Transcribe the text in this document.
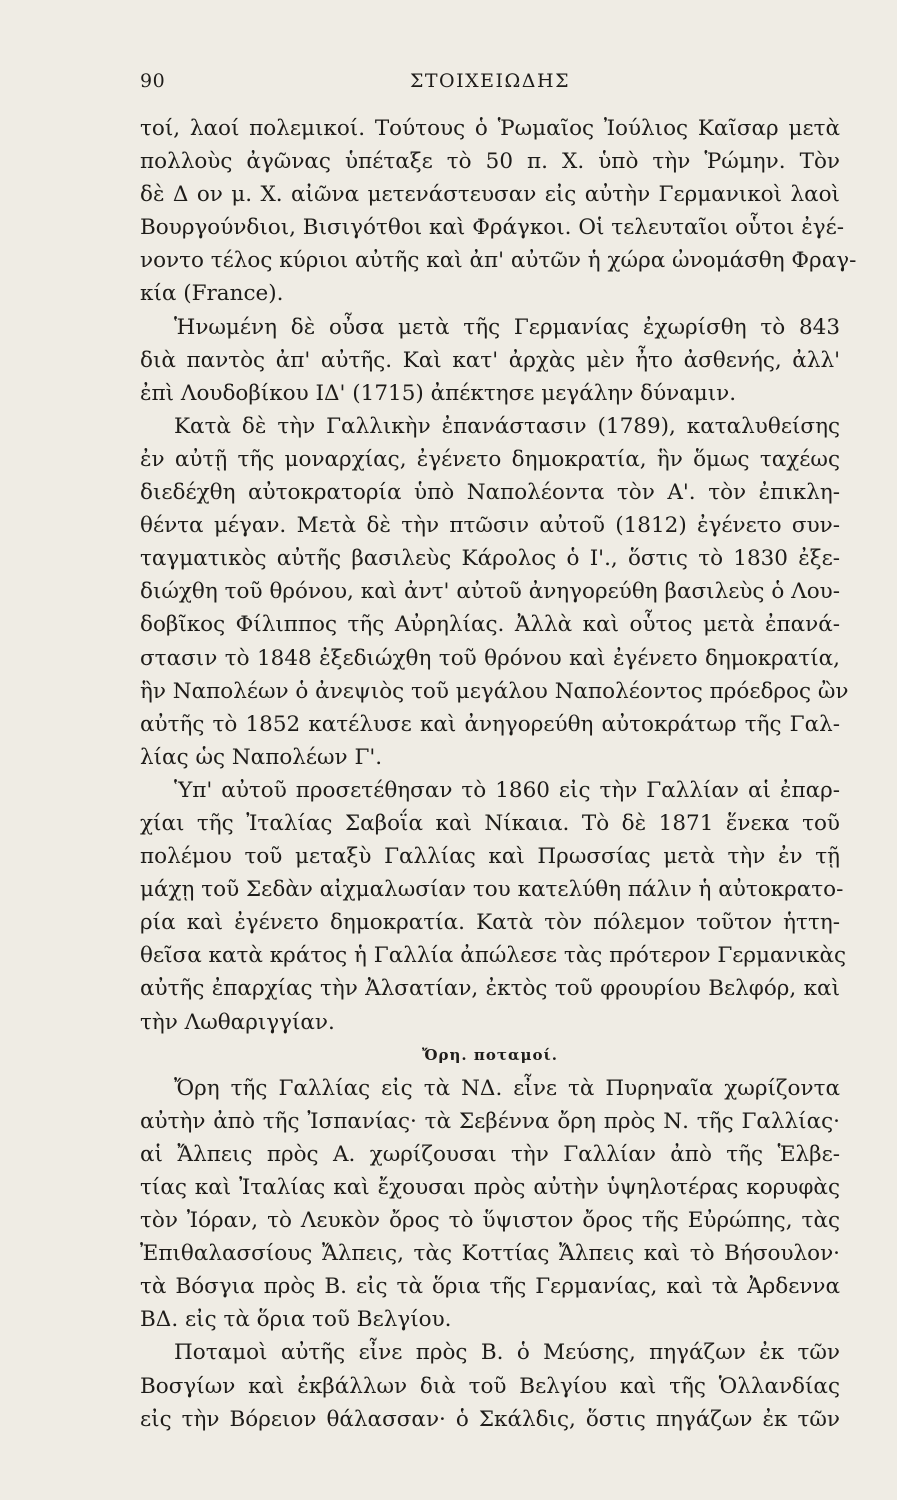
90	ΣΤΟΙΧΕΙΩΔΗΣ
τοί, λαοί πολεμικοί. Τούτους ὁ Ῥωμαῖος Ἰούλιος Καῖσαρ μετὰ
πολλοὺς ἀγῶνας ὑπέταξε τὸ 50 π. Χ. ὑπὸ τὴν Ῥώμην. Τὸν
δὲ Δ ον μ. Χ. αἰῶνα μετενάστευσαν εἰς αὐτὴν Γερμανικοὶ λαοὶ
Βουργούνδιοι, Βισιγότθοι καὶ Φράγκοι. Οἱ τελευταῖοι οὗτοι ἐγέ-
νοντο τέλος κύριοι αὐτῆς καὶ ἀπ' αὐτῶν ἡ χώρα ὠνομάσθη Φραγ-
κία (France).
Ἡνωμένη δὲ οὖσα μετὰ τῆς Γερμανίας ἐχωρίσθη τὸ 843
διὰ παντὸς ἀπ' αὐτῆς. Καὶ κατ' ἀρχὰς μὲν ἦτο ἀσθενής, ἀλλ'
ἐπὶ Λουδοβίκου ΙΔ' (1715) ἀπέκτησε μεγάλην δύναμιν.
Κατὰ δὲ τὴν Γαλλικὴν ἐπανάστασιν (1789), καταλυθείσης
ἐν αὐτῇ τῆς μοναρχίας, ἐγένετο δημοκρατία, ἣν ὅμως ταχέως
διεδέχθη αὐτοκρατορία ὑπὸ Ναπολέοντα τὸν Α'. τὸν ἐπικλη-
θέντα μέγαν. Μετὰ δὲ τὴν πτῶσιν αὐτοῦ (1812) ἐγένετο συν-
ταγματικὸς αὐτῆς βασιλεὺς Κάρολος ὁ Ι'., ὅστις τὸ 1830 ἐξε-
διώχθη τοῦ θρόνου, καὶ ἀντ' αὐτοῦ ἀνηγορεύθη βασιλεὺς ὁ Λου-
δοβῖκος Φίλιππος τῆς Αὐρηλίας. Ἀλλὰ καὶ οὗτος μετὰ ἐπανά-
στασιν τὸ 1848 ἐξεδιώχθη τοῦ θρόνου καὶ ἐγένετο δημοκρατία,
ἣν Ναπολέων ὁ ἀνεψιὸς τοῦ μεγάλου Ναπολέοντος πρόεδρος ὢν
αὐτῆς τὸ 1852 κατέλυσε καὶ ἀνηγορεύθη αὐτοκράτωρ τῆς Γαλ-
λίας ὡς Ναπολέων Γ'.
Ὑπ' αὐτοῦ προσετέθησαν τὸ 1860 εἰς τὴν Γαλλίαν αἱ ἐπαρ-
χίαι τῆς Ἰταλίας Σαβοΐα καὶ Νίκαια. Τὸ δὲ 1871 ἕνεκα τοῦ
πολέμου τοῦ μεταξὺ Γαλλίας καὶ Πρωσσίας μετὰ τὴν ἐν τῇ
μάχῃ τοῦ Σεδὰν αἰχμαλωσίαν του κατελύθη πάλιν ἡ αὐτοκρατο-
ρία καὶ ἐγένετο δημοκρατία. Κατὰ τὸν πόλεμον τοῦτον ἡττη-
θεῖσα κατὰ κράτος ἡ Γαλλία ἀπώλεσε τὰς πρότερον Γερμανικὰς
αὐτῆς ἐπαρχίας τὴν Ἀλσατίαν, ἐκτὸς τοῦ φρουρίου Βελφόρ, καὶ
τὴν Λωθαριγγίαν.
Ὄρη. ποταμοί.
Ὄρη τῆς Γαλλίας εἰς τὰ ΝΔ. εἶνε τὰ Πυρηναῖα χωρίζοντα
αὐτὴν ἀπὸ τῆς Ἰσπανίας· τὰ Σεβέννα ὄρη πρὸς Ν. τῆς Γαλλίας·
αἱ Ἄλπεις πρὸς Α. χωρίζουσαι τὴν Γαλλίαν ἀπὸ τῆς Ἑλβε-
τίας καὶ Ἰταλίας καὶ ἔχουσαι πρὸς αὐτὴν ὑψηλοτέρας κορυφὰς
τὸν Ἰόραν, τὸ Λευκὸν ὄρος τὸ ὕψιστον ὄρος τῆς Εὐρώπης, τὰς
Ἐπιθαλασσίους Ἄλπεις, τὰς Κοττίας Ἄλπεις καὶ τὸ Βήσουλον·
τὰ Βόσγια πρὸς Β. εἰς τὰ ὅρια τῆς Γερμανίας, καὶ τὰ Ἀρδεννα
ΒΔ. εἰς τὰ ὅρια τοῦ Βελγίου.
Ποταμοὶ αὐτῆς εἶνε πρὸς Β. ὁ Μεύσης, πηγάζων ἐκ τῶν
Βοσγίων καὶ ἐκβάλλων διὰ τοῦ Βελγίου καὶ τῆς Ὁλλανδίας
εἰς τὴν Βόρειον θάλασσαν· ὁ Σκάλδις, ὅστις πηγάζων ἐκ τῶν
